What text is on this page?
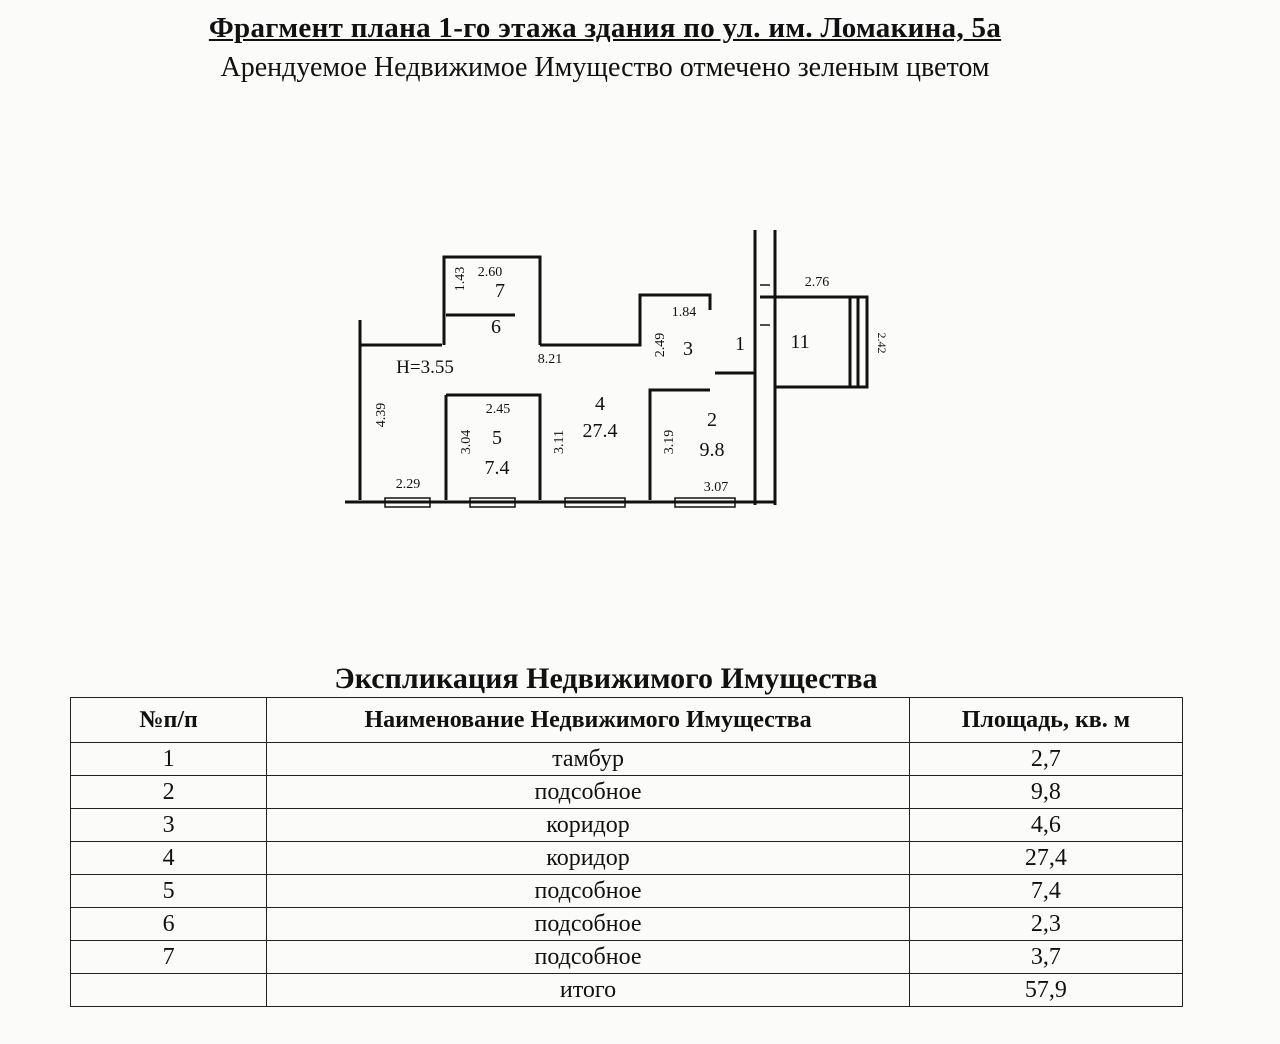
Фрагмент плана 1-го этажа здания по ул. им. Ломакина, 5а
Арендуемое Недвижимое Имущество отмечено зеленым цветом
7
6
3 1 11
4
27.4	2
9.8
5
7.4
Н=3.55
2.60
1.43
8.21
1.84
2.49
2.76
4.39	2.45
3.04	3.11	3.19
2.29	3.07
2.42
Экспликация Недвижимого Имущества
№п/п	Наименование Недвижимого Имущества	Площадь, кв. м
1	тамбур	2,7
2	подсобное	9,8
3	коридор	4,6
4	коридор	27,4
5	подсобное	7,4
6	подсобное	2,3
7	подсобное	3,7
	итого	57,9
